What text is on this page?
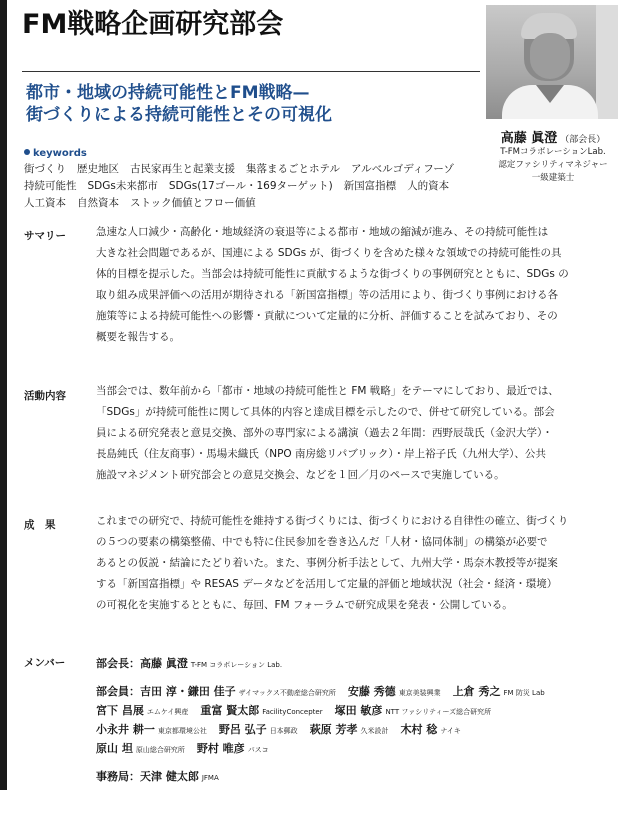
FM戦略企画研究部会
都市・地域の持続可能性とFM戦略—
街づくりによる持続可能性とその可視化
高藤 眞澄 （部会長）
T-FMコラボレーションLab.
認定ファシリティマネジャー
一級建築士
keywords
街づくり 歴史地区 古民家再生と起業支援 集落まるごとホテル アルベルゴディフーゾ
持続可能性 SDGs未来都市 SDGs(17ゴール・169ターゲット) 新国富指標 人的資本
人工資本 自然資本 ストック価値とフロー価値
サマリー	急速な人口減少・高齢化・地域経済の衰退等による都市・地域の縮減が進み、その持続可能性は
大きな社会問題であるが、国連による SDGs が、街づくりを含めた様々な領域での持続可能性の具
体的目標を提示した。当部会は持続可能性に貢献するような街づくりの事例研究とともに、SDGs の
取り組み成果評価への活用が期待される「新国富指標」等の活用により、街づくり事例における各
施策等による持続可能性への影響・貢献について定量的に分析、評価することを試みており、その
概要を報告する。
活動内容	当部会では、数年前から「都市・地域の持続可能性と FM 戦略」をテーマにしており、最近では、
「SDGs」が持続可能性に関して具体的内容と達成目標を示したので、併せて研究している。部会
員による研究発表と意見交換、部外の専門家による講演（過去２年間：西野辰哉氏（金沢大学）・
長島純氏（住友商事）・馬場未織氏（NPO 南房総リパブリック）・岸上裕子氏（九州大学）、公共
施設マネジメント研究部会との意見交換会、などを１回／月のペースで実施している。
成　果	これまでの研究で、持続可能性を維持する街づくりには、街づくりにおける自律性の確立、街づくり
の５つの要素の構築整備、中でも特に住民参加を巻き込んだ「人材・協同体制」の構築が必要で
あるとの仮説・結論にたどり着いた。また、事例分析手法として、九州大学・馬奈木教授等が提案
する「新国富指標」や RESAS データなどを活用して定量的評価と地域状況（社会・経済・環境）
の可視化を実施するとともに、毎回、FM フォーラムで研究成果を発表・公開している。
メンバー	部会長：高藤 眞澄 T-FM コラボレーション Lab.
部会員：吉田 淳・鎌田 佳子 ザイマックス不動産総合研究所 安藤 秀德 東京美装興業 上倉 秀之 FM 防災 Lab
宮下 昌展 エムケイ興産 重富 賢太郎 FacilityConcepter 塚田 敏彦 NTT ファシリティーズ総合研究所
小永井 耕一 東京都環境公社 野呂 弘子 日本郵政 萩原 芳孝 久米設計 木村 稔 ナイキ
原山 坦 原山総合研究所 野村 唯彦 パスコ
事務局：天津 健太郎 JFMA
